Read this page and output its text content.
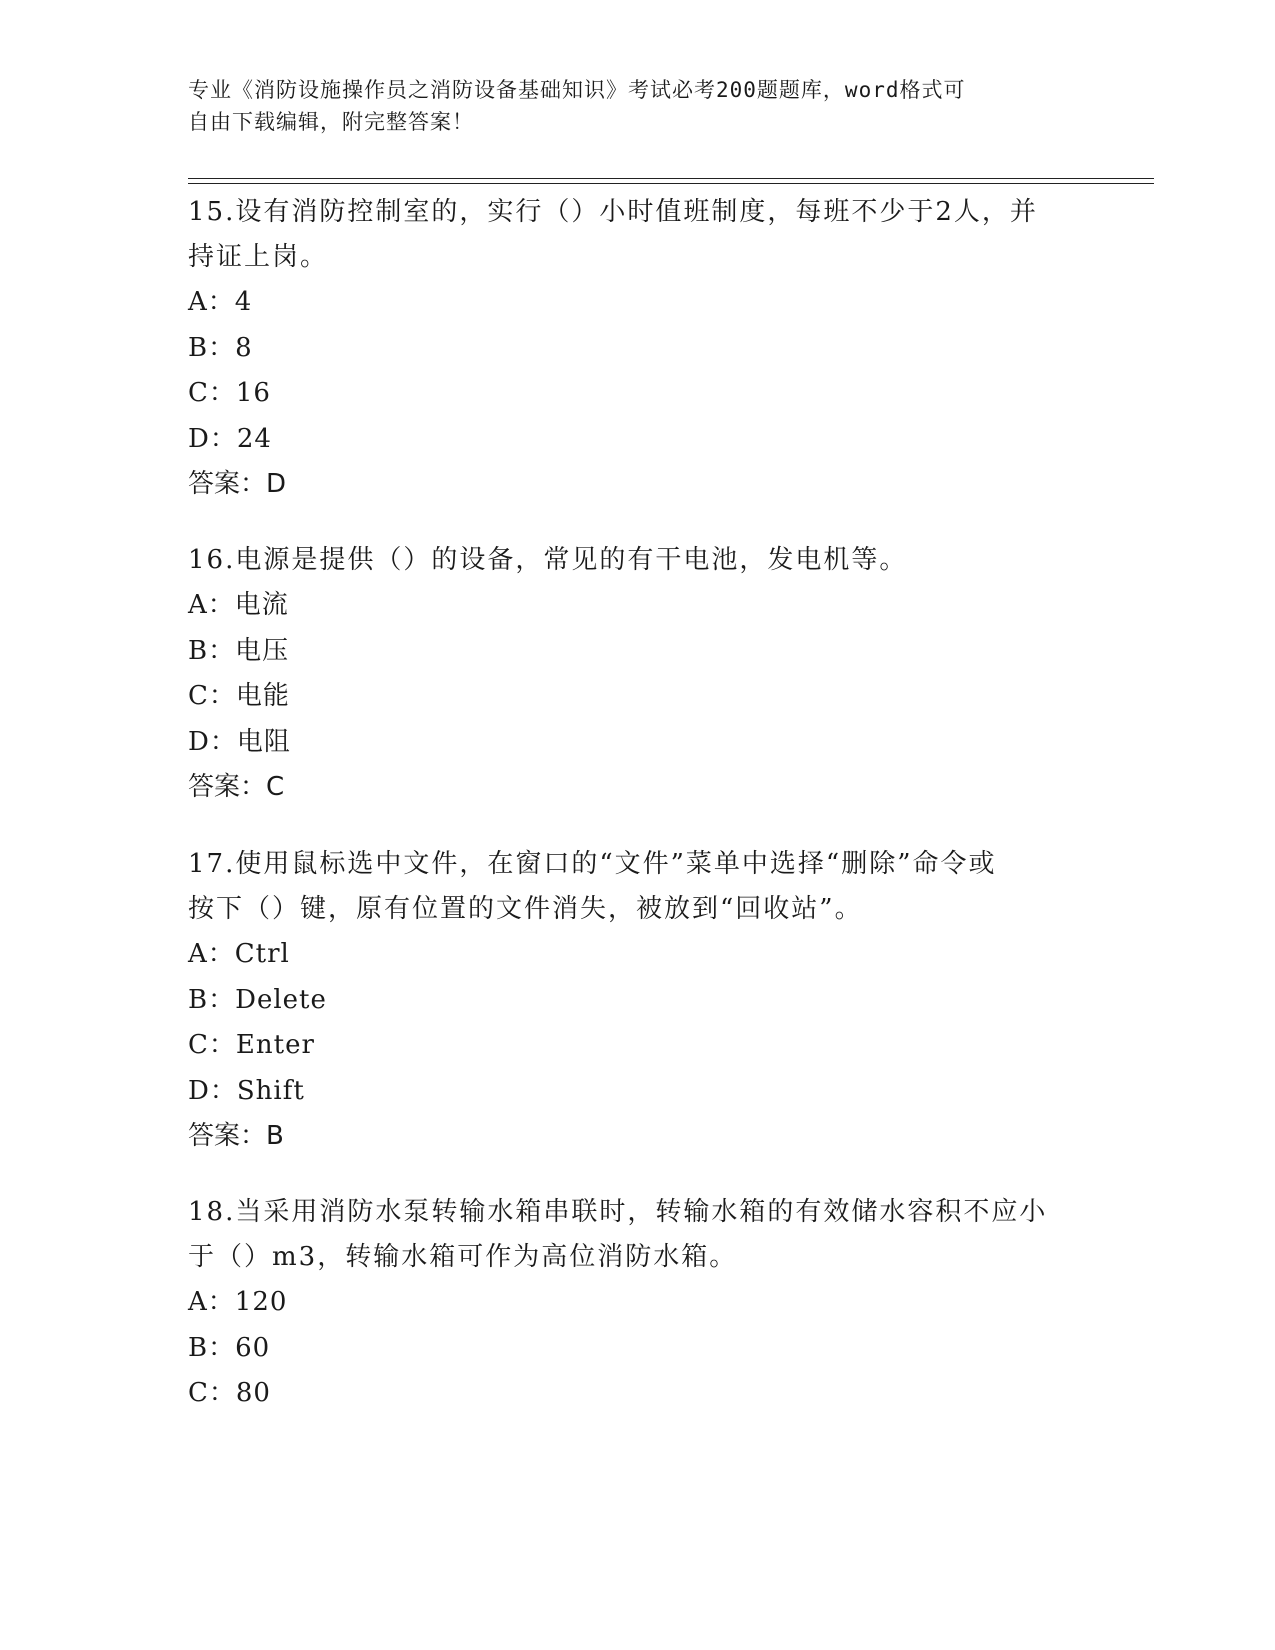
专业《消防设施操作员之消防设备基础知识》考试必考200题题库，word格式可
自由下载编辑，附完整答案！
15.设有消防控制室的，实行（）小时值班制度，每班不少于2人，并
持证上岗。
A：4
B：8
C：16
D：24
答案：D
16.电源是提供（）的设备，常见的有干电池，发电机等。
A：电流
B：电压
C：电能
D：电阻
答案：C
17.使用鼠标选中文件，在窗口的“文件”菜单中选择“删除”命令或
按下（）键，原有位置的文件消失，被放到“回收站”。
A：Ctrl
B：Delete
C：Enter
D：Shift
答案：B
18.当采用消防水泵转输水箱串联时，转输水箱的有效储水容积不应小
于（）m3，转输水箱可作为高位消防水箱。
A：120
B：60
C：80
